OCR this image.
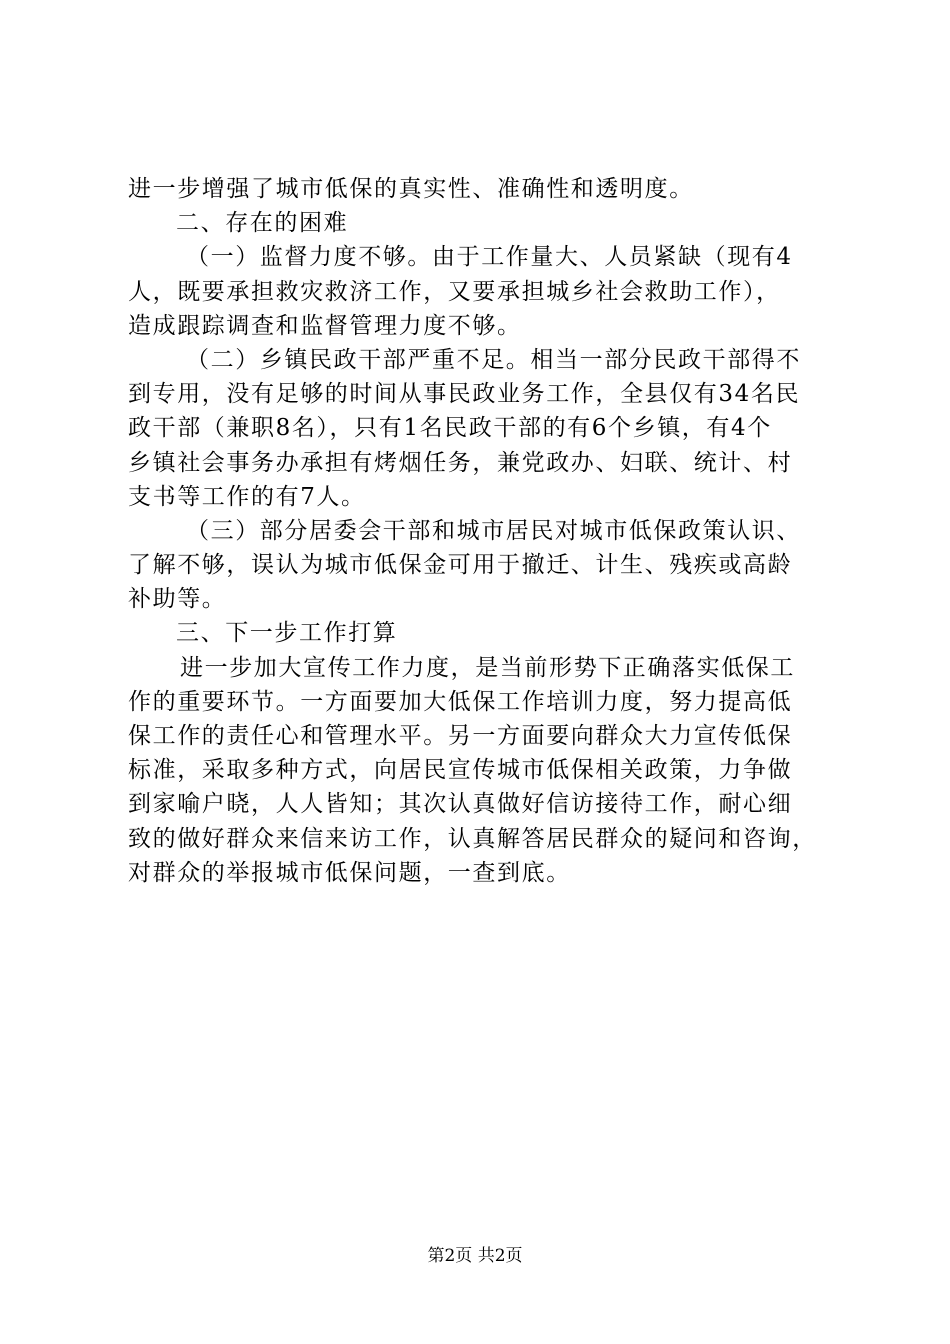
进一步增强了城市低保的真实性、准确性和透明度。
二、存在的困难
（一）监督力度不够。由于工作量大、人员紧缺（现有4
人，既要承担救灾救济工作，又要承担城乡社会救助工作），
造成跟踪调查和监督管理力度不够。
（二）乡镇民政干部严重不足。相当一部分民政干部得不
到专用，没有足够的时间从事民政业务工作，全县仅有34名民
政干部（兼职8名），只有1名民政干部的有6个乡镇，有4个
乡镇社会事务办承担有烤烟任务，兼党政办、妇联、统计、村
支书等工作的有7人。
（三）部分居委会干部和城市居民对城市低保政策认识、
了解不够，误认为城市低保金可用于撤迁、计生、残疾或高龄
补助等。
三、下一步工作打算
进一步加大宣传工作力度，是当前形势下正确落实低保工
作的重要环节。一方面要加大低保工作培训力度，努力提高低
保工作的责任心和管理水平。另一方面要向群众大力宣传低保
标准，采取多种方式，向居民宣传城市低保相关政策，力争做
到家喻户晓，人人皆知；其次认真做好信访接待工作，耐心细
致的做好群众来信来访工作，认真解答居民群众的疑问和咨询，
对群众的举报城市低保问题，一查到底。
第2页 共2页
